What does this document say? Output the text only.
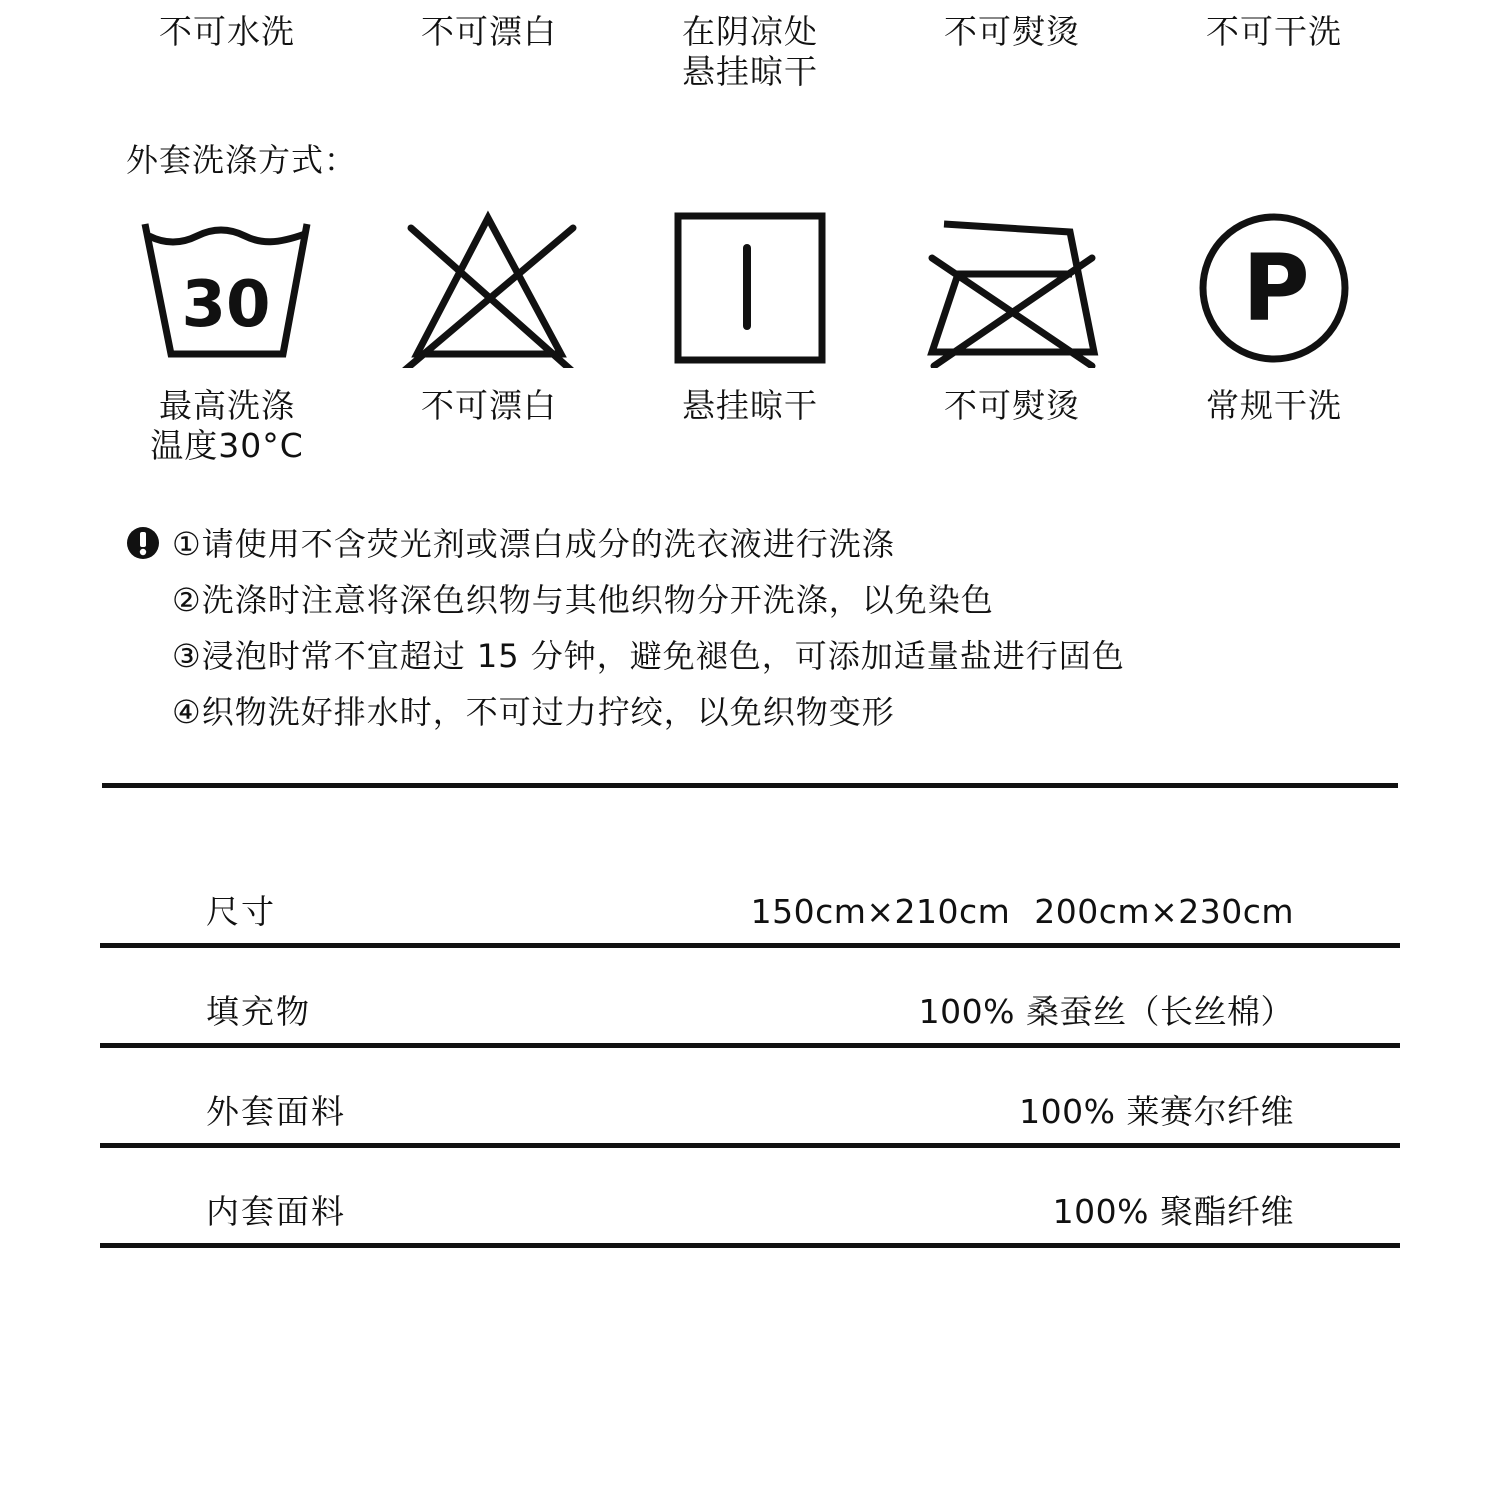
不可水洗	不可漂白	在阴凉处
悬挂晾干
不可熨烫	不可干洗
外套洗涤方式：
30
最高洗涤
温度30°C
不可漂白	悬挂晾干	不可熨烫
P
常规干洗
①请使用不含荧光剂或漂白成分的洗衣液进行洗涤
②洗涤时注意将深色织物与其他织物分开洗涤，以免染色
③浸泡时常不宜超过 15 分钟，避免褪色，可添加适量盐进行固色
④织物洗好排水时，不可过力拧绞，以免织物变形
尺寸	150cm×210cm 200cm×230cm
填充物	100% 桑蚕丝（长丝棉）
外套面料	100% 莱赛尔纤维
内套面料	100% 聚酯纤维
